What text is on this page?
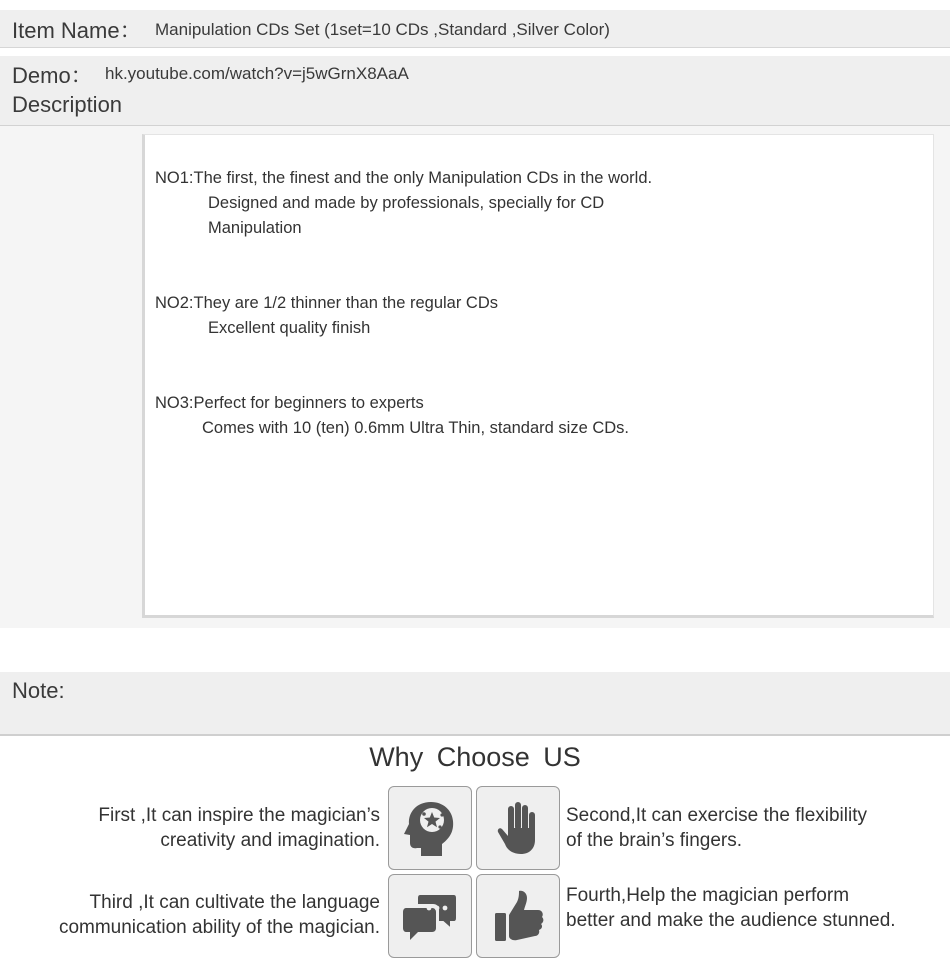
Item Name： Manipulation CDs Set (1set=10 CDs ,Standard ,Silver Color)
Demo： hk.youtube.com/watch?v=j5wGrnX8AaA
Description
NO1:The first, the finest and the only Manipulation CDs in the world.
Designed and made by professionals, specially for CD
Manipulation
NO2:They are 1/2 thinner than the regular CDs
Excellent quality finish
NO3:Perfect for beginners to experts
Comes with 10 (ten) 0.6mm Ultra Thin, standard size CDs.
Note:
Why Choose US
First ,It can inspire the magician’s
creativity and imagination.
Second,It can exercise the flexibility
of the brain’s fingers.
Third ,It can cultivate the language
communication ability of the magician.
Fourth,Help the magician perform
better and make the audience stunned.
